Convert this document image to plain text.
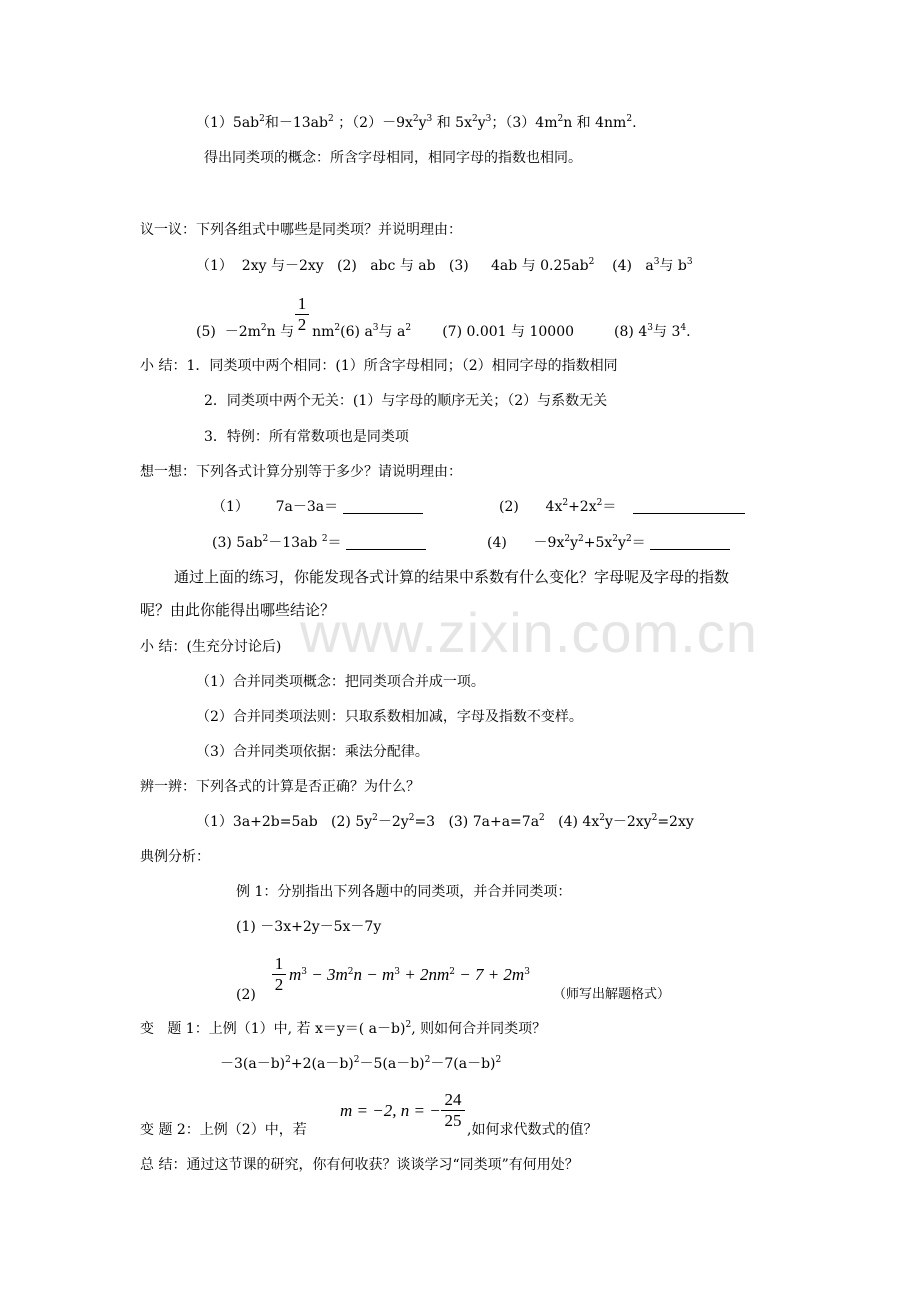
www.zixin.com.cn
$(1)5ab^2$和$-13ab^2$ ；$(2)-9x^2y^3$ 和 $5x^2y^3$；$(3)4m^2n$ 和 $4nm^2$.
得出同类项的概念：所含字母相同，相同字母的指数也相同。
议一议：下列各组式中哪些是同类项？并说明理由：
（1）  2xy 与－2xy   (2)   abc 与 ab   (3)     4ab 与 $0.25ab^2$    (4)   $a^3$与 $b^3$
1
2
$(5) -2m^2n$ 与 $nm^2(6)$ $a^3$与 $a^2$       (7) 0.001 与 10000         (8) $4^3$与 $3^4$.
小 结：1．同类项中两个相同：(1）所含字母相同；（2）相同字母的指数相同
2．同类项中两个无关：(1）与字母的顺序无关；（2）与系数无关
3．特例：所有常数项也是同类项
想一想：下列各式计算分别等于多少？请说明理由：
（1）      7a－3a＝	(2)      $4x^2+2x^2=$
(3) $5ab^2-13ab$ $^2$＝	(4)      $-9x^2y^2+5x^2y^2=$
通过上面的练习，你能发现各式计算的结果中系数有什么变化？字母呢及字母的指数
呢？由此你能得出哪些结论？
小 结：(生充分讨论后)
（1）合并同类项概念：把同类项合并成一项。
（2）合并同类项法则：只取系数相加减，字母及指数不变样。
（3）合并同类项依据：乘法分配律。
辨一辨：下列各式的计算是否正确？为什么？
（1）3a+2b=5ab   (2) $5y^2-2y^2=3$   (3) $7a+a=7a^2$   (4) $4x^2y-2xy^2=2xy$
典例分析：
例 1：分别指出下列各题中的同类项，并合并同类项：
(1) －3x+2y－5x－7y
(2)
1
2
$m^3 - 3m^2n - m^3 + 2nm^2 - 7 + 2m^3$
（师写出解题格式）
变   题 1：上例（1）中, 若 x＝y＝( a－b)$^2$, 则如何合并同类项？
$-3(a-b)^2+2(a-b)^2-5(a-b)^2-7(a-b)^2$
变 题 2：上例（2）中，若
m = −2, n = −
24
25 ,如何求代数式的值？
总 结：通过这节课的研究，你有何收获？谈谈学习“同类项”有何用处？
